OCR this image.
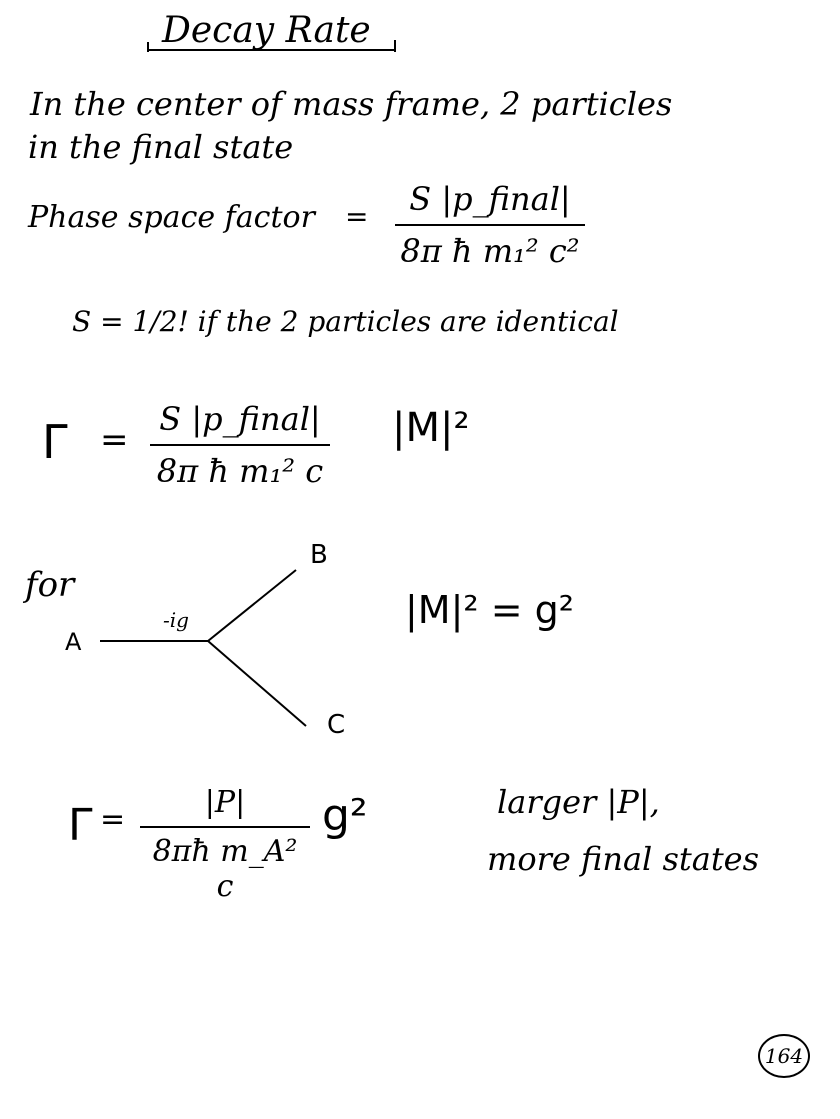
Decay Rate
In the center of mass frame, 2 particles
in the final state
Phase space factor =	S |p_final|
8π ħ m₁² c²
S = 1/2! if the 2 particles are identical
Γ =
S |p_final|
8π ħ m₁² c
|M|²
for
A
B
C
-ig	|M|² = g²
Γ =	|P|
8πħ m_A² c
g²	larger |P|,
more final states
164
